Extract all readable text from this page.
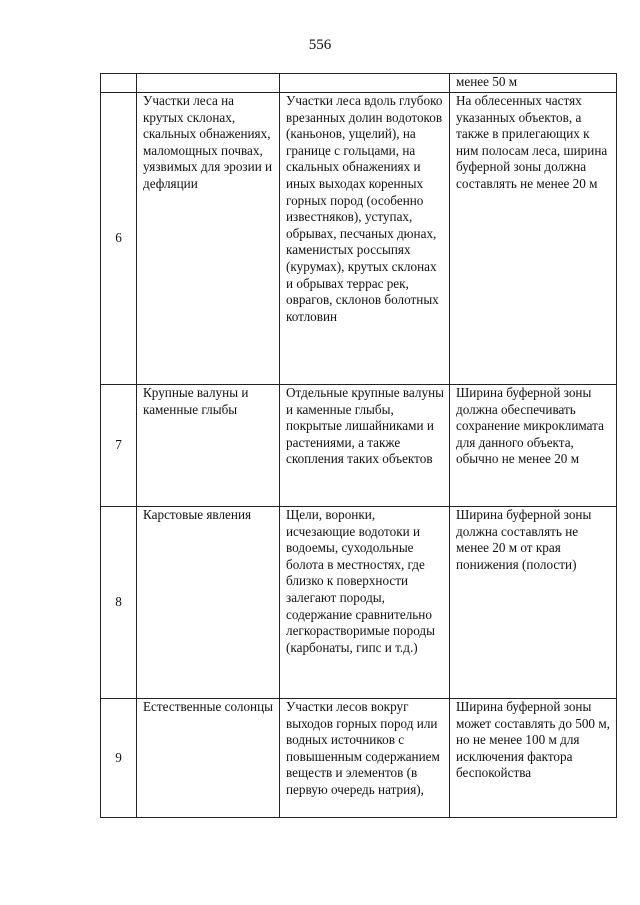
556
			менее 50 м
6	Участки леса на крутых склонах, скальных обнажениях, маломощных почвах, уязвимых для эрозии и дефляции	Участки леса вдоль глубоко врезанных долин водотоков (каньонов, ущелий), на границе с гольцами, на скальных обнажениях и иных выходах коренных горных пород (особенно известняков), уступах, обрывах, песчаных дюнах, каменистых россыпях (курумах), крутых склонах и обрывах террас рек, оврагов, склонов болотных котловин	На облесенных частях указанных объектов, а также в прилегающих к ним полосам леса, ширина буферной зоны должна составлять не менее 20 м
7	Крупные валуны и каменные глыбы	Отдельные крупные валуны и каменные глыбы, покрытые лишайниками и растениями, а также скопления таких объектов	Ширина буферной зоны должна обеспечивать сохранение микроклимата для данного объекта, обычно не менее 20 м
8	Карстовые явления	Щели, воронки, исчезающие водотоки и водоемы, суходольные болота в местностях, где близко к поверхности залегают породы, содержание сравнительно легкорастворимые породы (карбонаты, гипс и т.д.)	Ширина буферной зоны должна составлять не менее 20 м от края понижения (полости)
9	Естественные солонцы	Участки лесов вокруг выходов горных пород или водных источников с повышенным содержанием веществ и элементов (в первую очередь натрия),	Ширина буферной зоны может составлять до 500 м, но не менее 100 м для исключения фактора беспокойства
